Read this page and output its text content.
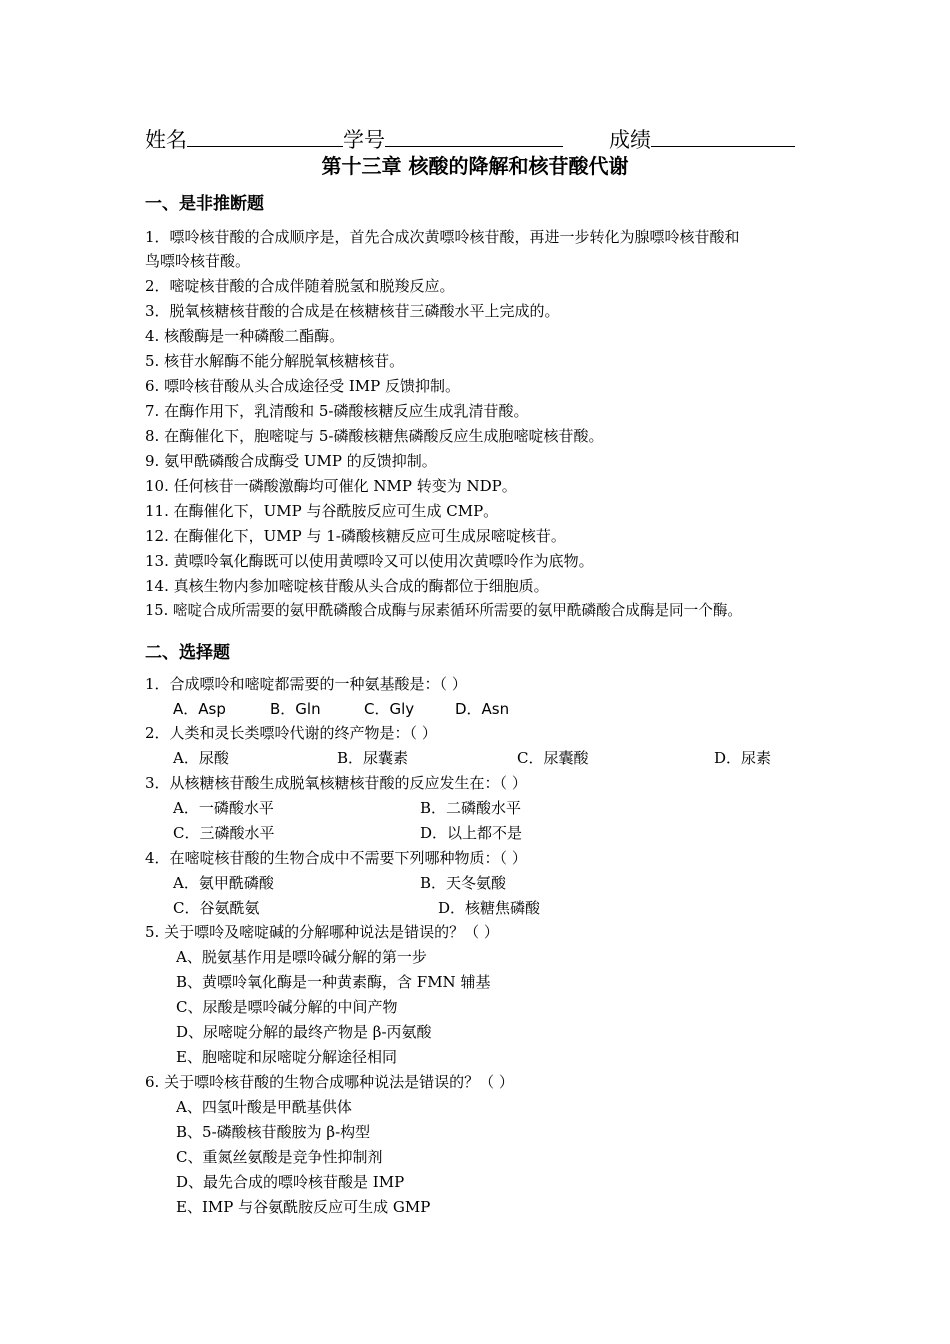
姓名	学号	成绩
第十三章 核酸的降解和核苷酸代谢
一、是非推断题
1．嘌呤核苷酸的合成顺序是，首先合成次黄嘌呤核苷酸，再进一步转化为腺嘌呤核苷酸和
鸟嘌呤核苷酸。
2．嘧啶核苷酸的合成伴随着脱氢和脱羧反应。
3．脱氧核糖核苷酸的合成是在核糖核苷三磷酸水平上完成的。
4. 核酸酶是一种磷酸二酯酶。
5. 核苷水解酶不能分解脱氧核糖核苷。
6. 嘌呤核苷酸从头合成途径受 IMP 反馈抑制。
7. 在酶作用下，乳清酸和 5-磷酸核糖反应生成乳清苷酸。
8. 在酶催化下，胞嘧啶与 5-磷酸核糖焦磷酸反应生成胞嘧啶核苷酸。
9. 氨甲酰磷酸合成酶受 UMP 的反馈抑制。
10. 任何核苷一磷酸激酶均可催化 NMP 转变为 NDP。
11. 在酶催化下，UMP 与谷酰胺反应可生成 CMP。
12. 在酶催化下，UMP 与 1-磷酸核糖反应可生成尿嘧啶核苷。
13. 黄嘌呤氧化酶既可以使用黄嘌呤又可以使用次黄嘌呤作为底物。
14. 真核生物内参加嘧啶核苷酸从头合成的酶都位于细胞质。
15. 嘧啶合成所需要的氨甲酰磷酸合成酶与尿素循环所需要的氨甲酰磷酸合成酶是同一个酶。
二、选择题
1．合成嘌呤和嘧啶都需要的一种氨基酸是：（ ）
A．Asp	B．Gln	C．Gly	D．Asn
2．人类和灵长类嘌呤代谢的终产物是：（ ）
A．尿酸	B．尿囊素	C．尿囊酸	D．尿素
3．从核糖核苷酸生成脱氧核糖核苷酸的反应发生在：（ ）
A．一磷酸水平	B．二磷酸水平
C．三磷酸水平	D．以上都不是
4．在嘧啶核苷酸的生物合成中不需要下列哪种物质：（ ）
A．氨甲酰磷酸	B．天冬氨酸
C．谷氨酰氨	D．核糖焦磷酸
5. 关于嘌呤及嘧啶碱的分解哪种说法是错误的？（ ）
A、脱氨基作用是嘌呤碱分解的第一步
B、黄嘌呤氧化酶是一种黄素酶，含 FMN 辅基
C、尿酸是嘌呤碱分解的中间产物
D、尿嘧啶分解的最终产物是 β-丙氨酸
E、胞嘧啶和尿嘧啶分解途径相同
6. 关于嘌呤核苷酸的生物合成哪种说法是错误的？（ ）
A、四氢叶酸是甲酰基供体
B、5-磷酸核苷酸胺为 β-构型
C、重氮丝氨酸是竞争性抑制剂
D、最先合成的嘌呤核苷酸是 IMP
E、IMP 与谷氨酰胺反应可生成 GMP
